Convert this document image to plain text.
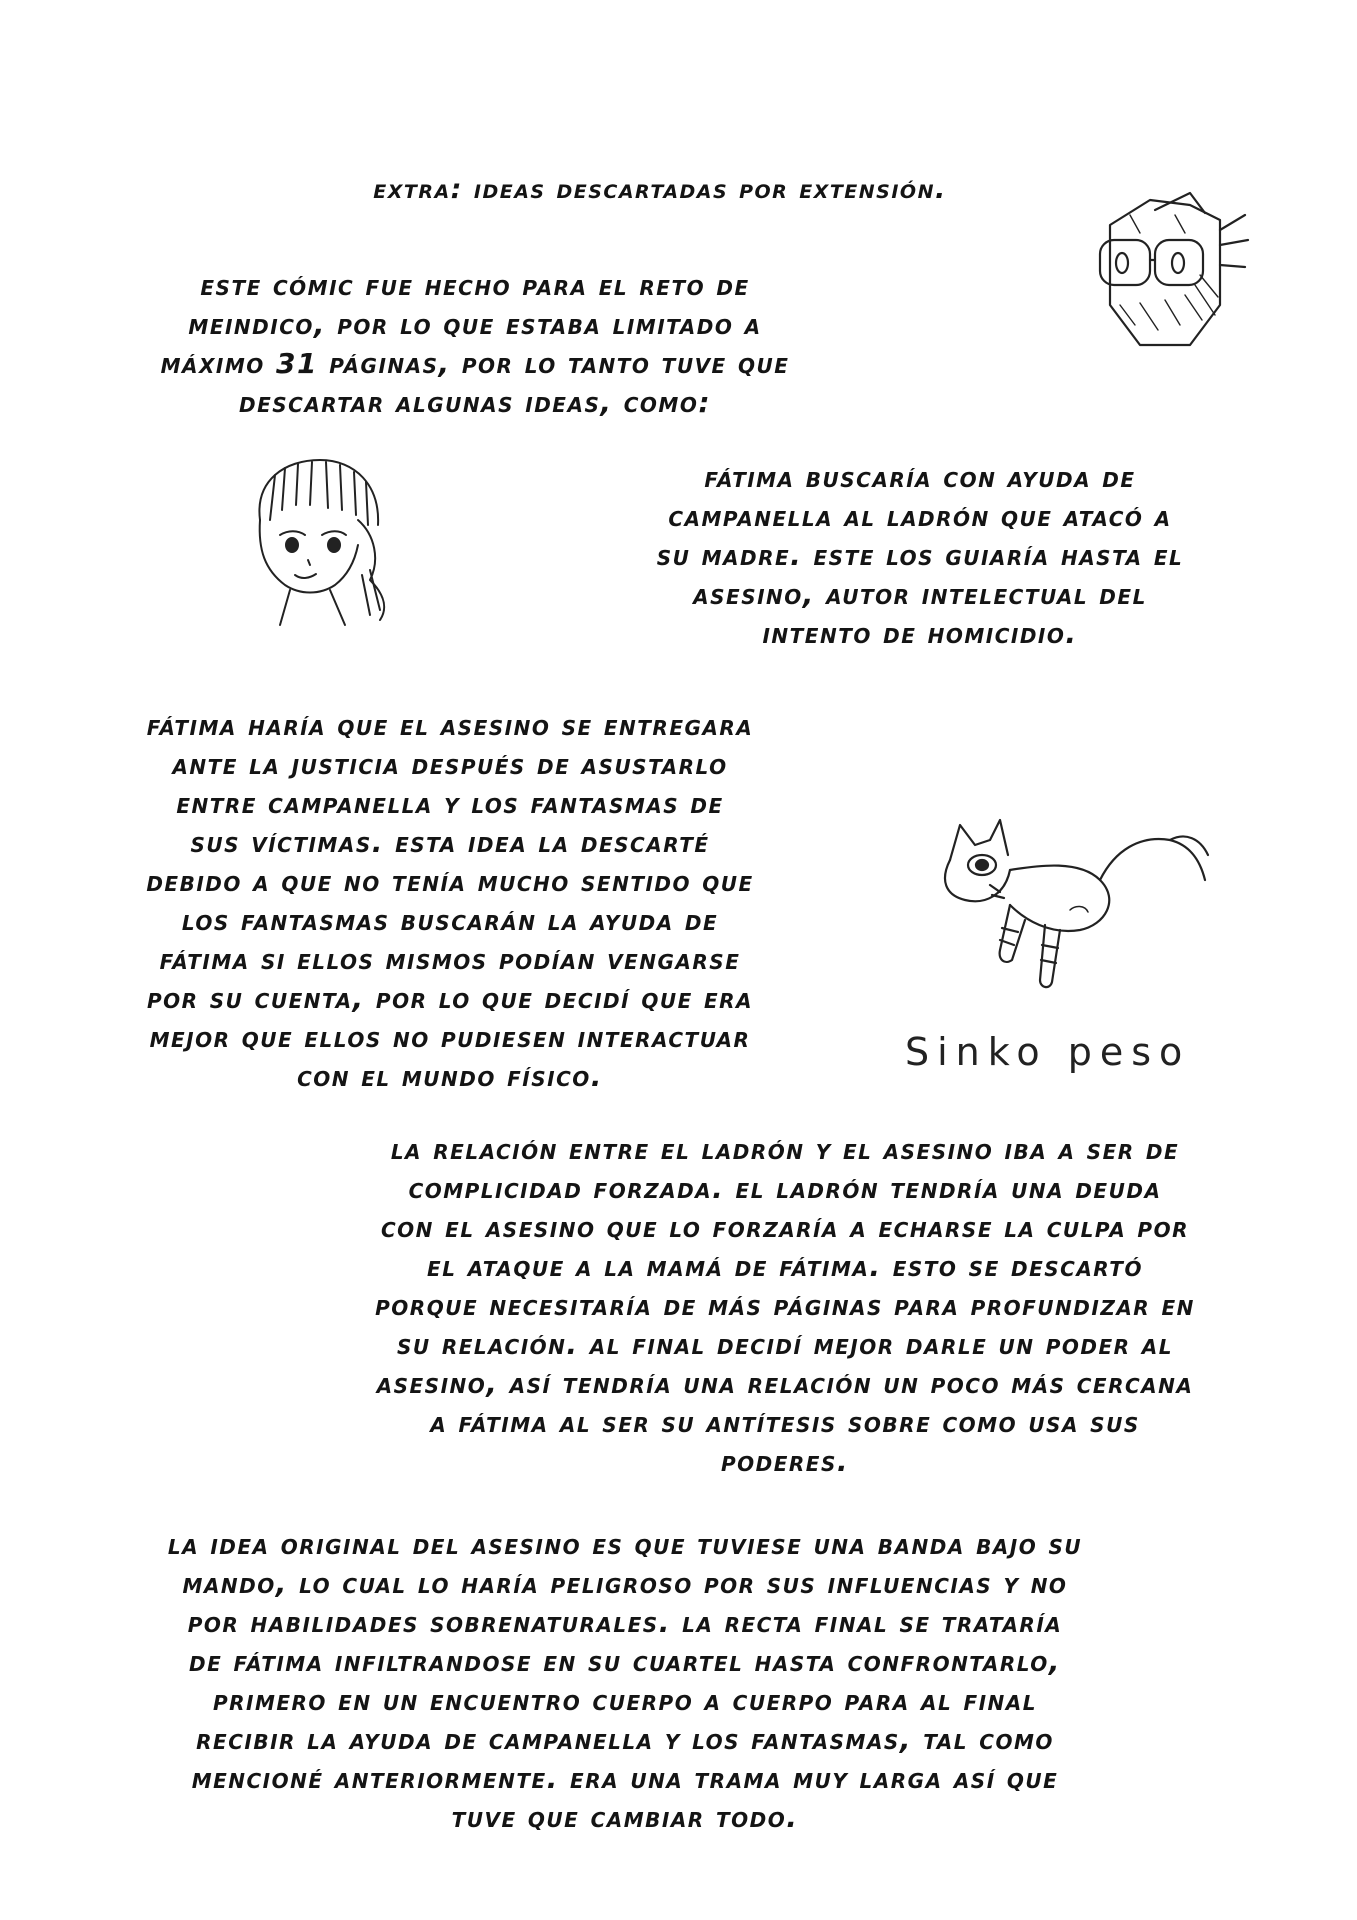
extra: ideas descartadas por extensión.
este cómic fue hecho para el reto de
meindico, por lo que estaba limitado a
máximo 31 páginas, por lo tanto tuve que
descartar algunas ideas, como:
fátima buscaría con ayuda de
campanella al ladrón que atacó a
su madre. este los guiaría hasta el
asesino, autor intelectual del
intento de homicidio.
fátima haría que el asesino se entregara
ante la justicia después de asustarlo
entre campanella y los fantasmas de
sus víctimas. esta idea la descarté
debido a que no tenía mucho sentido que
los fantasmas buscarán la ayuda de
fátima si ellos mismos podían vengarse
por su cuenta, por lo que decidí que era
mejor que ellos no pudiesen interactuar
con el mundo físico.
la relación entre el ladrón y el asesino iba a ser de
complicidad forzada. el ladrón tendría una deuda
con el asesino que lo forzaría a echarse la culpa por
el ataque a la mamá de fátima. esto se descartó
porque necesitaría de más páginas para profundizar en
su relación. al final decidí mejor darle un poder al
asesino, así tendría una relación un poco más cercana
a fátima al ser su antítesis sobre como usa sus
poderes.
la idea original del asesino es que tuviese una banda bajo su
mando, lo cual lo haría peligroso por sus influencias y no
por habilidades sobrenaturales. la recta final se trataría
de fátima infiltrandose en su cuartel hasta confrontarlo,
primero en un encuentro cuerpo a cuerpo para al final
recibir la ayuda de campanella y los fantasmas, tal como
mencioné anteriormente. era una trama muy larga así que
tuve que cambiar todo.
Sinko peso
